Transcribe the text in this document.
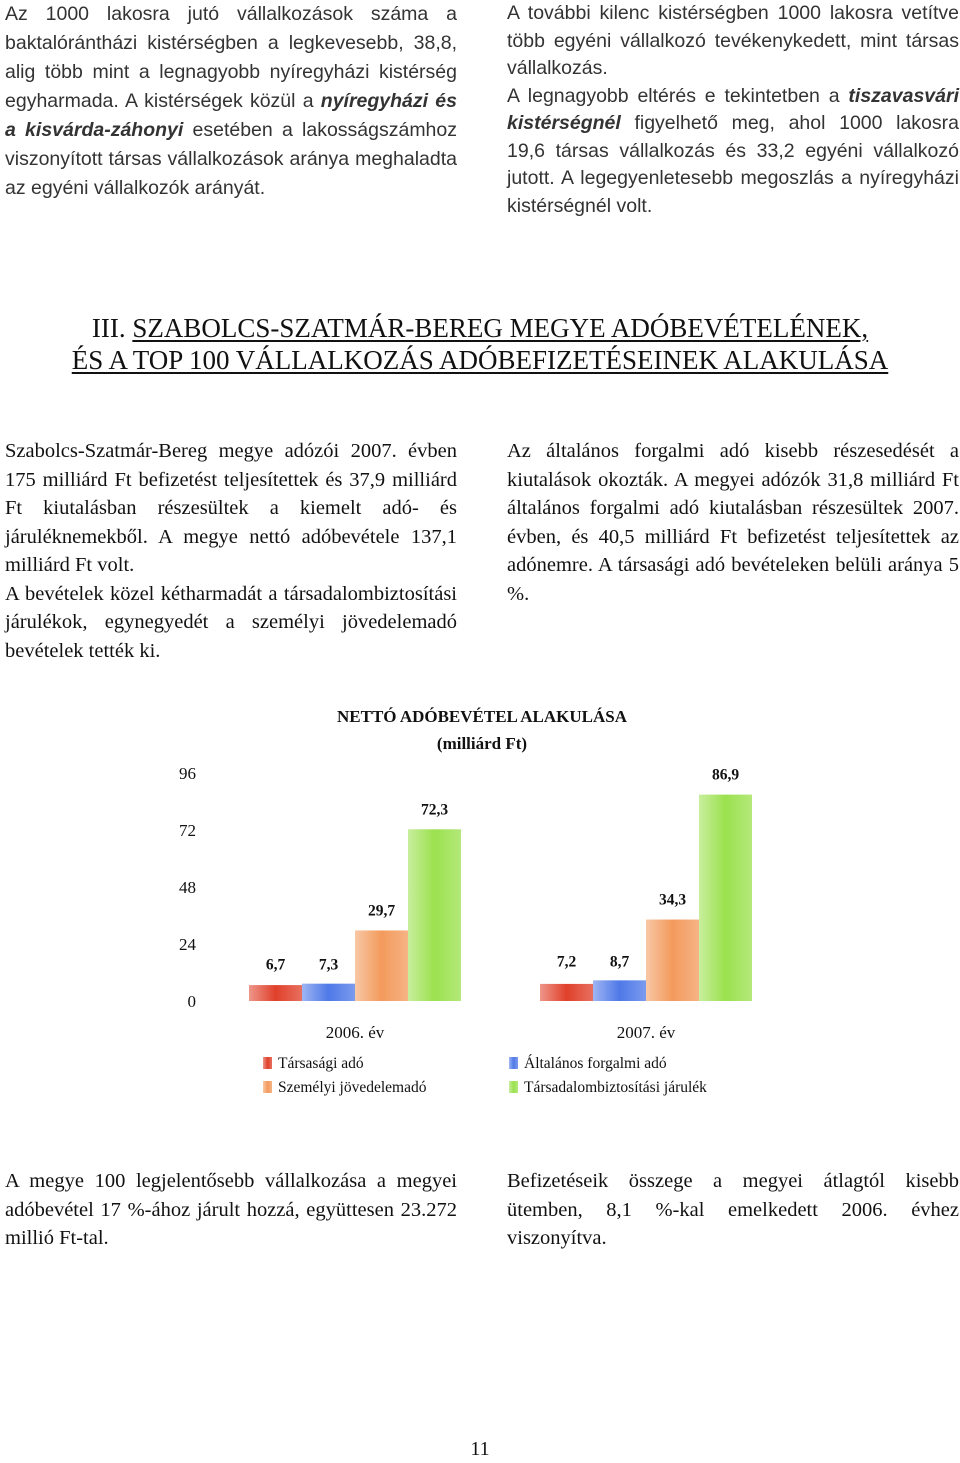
Az 1000 lakosra jutó vállalkozások száma a baktalórántházi kistérségben a legkevesebb, 38,8, alig több mint a legnagyobb nyíregyházi kistérség egyharmada. A kistérségek közül a nyíregyházi és a kisvárda-záhonyi esetében a lakosságszámhoz viszonyított társas vállalkozások aránya meghaladta az egyéni vállalkozók arányát.

A további kilenc kistérségben 1000 lakosra vetítve több egyéni vállalkozó tevékenykedett, mint társas vállalkozás.

A legnagyobb eltérés e tekintetben a tiszavasvári kistérségnél figyelhető meg, ahol 1000 lakosra 19,6 társas vállalkozás és 33,2 egyéni vállalkozó jutott. A legegyenletesebb megoszlás a nyíregyházi kistérségnél volt.

III. SZABOLCS-SZATMÁR-BEREG MEGYE ADÓBEVÉTELÉNEK,
ÉS A TOP 100 VÁLLALKOZÁS ADÓBEFIZETÉSEINEK ALAKULÁSA

Szabolcs-Szatmár-Bereg megye adózói 2007. évben 175 milliárd Ft befizetést teljesítettek és 37,9 milliárd Ft kiutalásban részesültek a kiemelt adó- és járuléknemekből. A megye nettó adóbevétele 137,1 milliárd Ft volt.

A bevételek közel kétharmadát a társadalombiztosítási járulékok, egynegyedét a személyi jövedelemadó bevételek tették ki.

Az általános forgalmi adó kisebb részesedését a kiutalások okozták. A megyei adózók 31,8 milliárd Ft általános forgalmi adó kiutalásban részesültek 2007. évben, és 40,5 milliárd Ft befizetést teljesítettek az adónemre. A társasági adó bevételeken belüli aránya 5 %.

NETTÓ ADÓBEVÉTEL ALAKULÁSA
(milliárd Ft)
0
24
48
72
96
6,7 7,3
29,7
72,3
2006. év
7,2 8,7
34,3
86,9
2007. év
Társasági adó	Általános forgalmi adó
Személyi jövedelemadó	Társadalombiztosítási járulék

A megye 100 legjelentősebb vállalkozása a megyei adóbevétel 17 %-ához járult hozzá, együttesen 23.272 millió Ft-tal.

Befizetéseik összege a megyei átlagtól kisebb ütemben, 8,1 %-kal emelkedett 2006. évhez viszonyítva.

11
